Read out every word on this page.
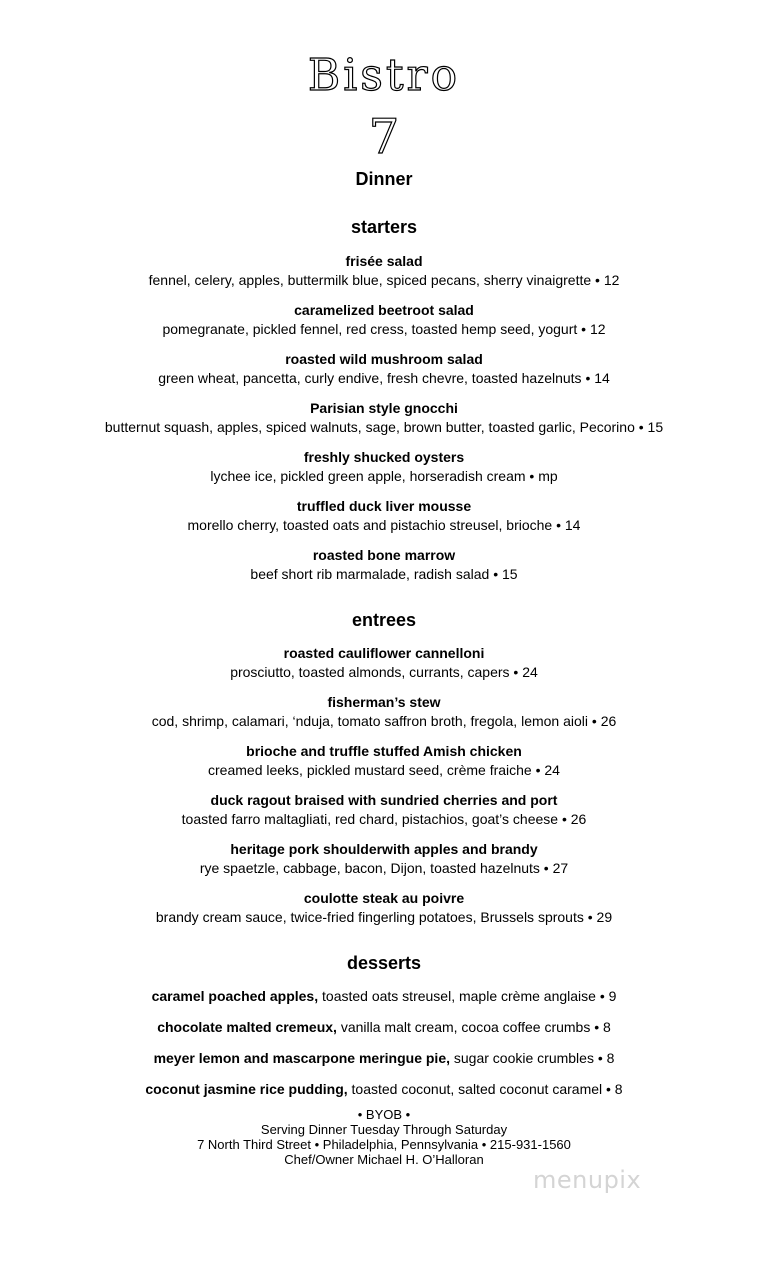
Bistro
7
Dinner
starters
frisée salad
fennel, celery, apples, buttermilk blue, spiced pecans, sherry vinaigrette • 12
caramelized beetroot salad
pomegranate, pickled fennel, red cress, toasted hemp seed, yogurt • 12
roasted wild mushroom salad
green wheat, pancetta, curly endive, fresh chevre, toasted hazelnuts • 14
Parisian style gnocchi
butternut squash, apples, spiced walnuts, sage, brown butter, toasted garlic, Pecorino • 15
freshly shucked oysters
lychee ice, pickled green apple, horseradish cream • mp
truffled duck liver mousse
morello cherry, toasted oats and pistachio streusel, brioche • 14
roasted bone marrow
beef short rib marmalade, radish salad • 15
entrees
roasted cauliflower cannelloni
prosciutto, toasted almonds, currants, capers • 24
fisherman’s stew
cod, shrimp, calamari, ‘nduja, tomato saffron broth, fregola, lemon aioli • 26
brioche and truffle stuffed Amish chicken
creamed leeks, pickled mustard seed, crème fraiche • 24
duck ragout braised with sundried cherries and port
toasted farro maltagliati, red chard, pistachios, goat’s cheese • 26
heritage pork shoulderwith apples and brandy
rye spaetzle, cabbage, bacon, Dijon, toasted hazelnuts • 27
coulotte steak au poivre
brandy cream sauce, twice-fried fingerling potatoes, Brussels sprouts • 29
desserts
caramel poached apples, toasted oats streusel, maple crème anglaise • 9
chocolate malted cremeux, vanilla malt cream, cocoa coffee crumbs • 8
meyer lemon and mascarpone meringue pie, sugar cookie crumbles • 8
coconut jasmine rice pudding, toasted coconut, salted coconut caramel • 8
• BYOB •
Serving Dinner Tuesday Through Saturday
7 North Third Street • Philadelphia, Pennsylvania • 215-931-1560
Chef/Owner Michael H. O’Halloran
menupix
